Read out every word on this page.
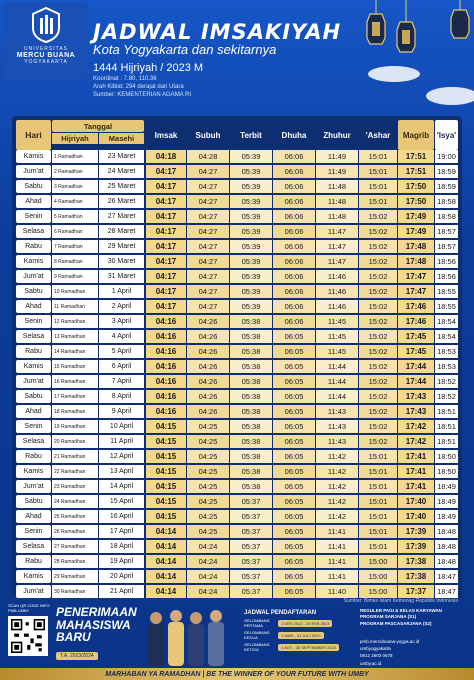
UNIVERSITAS
MERCU BUANA
YOGYAKARTA
JADWAL IMSAKIYAH
Kota Yogyakarta dan sekitarnya
1444 Hijriyah / 2023 M
Koordinat : 7.80, 110.36
Arah Kiblat: 294 derajat dari Utara
Sumber: KEMENTERIAN AGAMA RI
Hari
Tanggal
Hijriyah	Masehi	Imsak	Subuh	Terbit	Dhuha	Zhuhur	'Ashar	Magrib 'Isya'
Kamis	1 Ramadhan	23 Maret	04:18	04:28	05:39	06:06	11:49	15:01	17:51	19:00
Jum'at	2 Ramadhan	24 Maret	04:17	04:27	05:39	06:06	11:49	15:01	17:51	18:59
Sabtu	3 Ramadhan	25 Maret	04:17	04:27	05:39	06:06	11:48	15:01	17:50	18:59
Ahad	4 Ramadhan	26 Maret	04:17	04:27	05:39	06:06	11:48	15:01	17:50	18:58
Senin	5 Ramadhan	27 Maret	04:17	04:27	05:39	06:06	11:48	15:02	17:49	18:58
Selasa	6 Ramadhan	28 Maret	04:17	04:27	05:39	06:06	11:47	15:02	17:49	18:57
Rabu	7 Ramadhan	29 Maret	04:17	04:27	05:39	06:06	11:47	15:02	17:48	18:57
Kamis	8 Ramadhan	30 Maret	04:17	04:27	05:39	06:06	11:47	15:02	17:48	18:56
Jum'at	9 Ramadhan	31 Maret	04:17	04:27	05:39	06:06	11:46	15:02	17:47	18:56
Sabtu	10 Ramadhan	1 April	04:17	04:27	05:39	06:06	11:46	15:02	17:47	18:55
Ahad	11 Ramadhan	2 April	04:17	04:27	05:39	06:06	11:46	15:02	17:46	18:55
Senin	12 Ramadhan	3 April	04:16	04:26	05:38	06:06	11:45	15:02	17:46	18:54
Selasa	13 Ramadhan	4 April	04:16	04:26	05:38	06:05	11:45	15:02	17:45	18:54
Rabu	14 Ramadhan	5 April	04:16	04:26	05:38	06:05	11:45	15:02	17:45	18:53
Kamis	15 Ramadhan	6 April	04:16	04:26	05:38	06:05	11:44	15:02	17:44	18:53
Jum'at	16 Ramadhan	7 April	04:16	04:26	05:38	06:05	11:44	15:02	17:44	18:52
Sabtu	17 Ramadhan	8 April	04:16	04:26	05:38	06:05	11:44	15:02	17:43	18:52
Ahad	18 Ramadhan	9 April	04:16	04:26	05:38	06:05	11:43	15:02	17:43	18:51
Senin	19 Ramadhan	10 April	04:15	04:25	05:38	06:05	11:43	15:02	17:42	18:51
Selasa	20 Ramadhan	11 April	04:15	04:25	05:38	06:05	11:43	15:02	17:42	18:51
Rabu	21 Ramadhan	12 April	04:15	04:25	05:38	06:05	11:42	15:01	17:41	18:50
Kamis	22 Ramadhan	13 April	04:15	04:25	05:38	06:05	11:42	15:01	17:41	18:50
Jum'at	23 Ramadhan	14 April	04:15	04:25	05:38	06:05	11:42	15:01	17:41	18:49
Sabtu	24 Ramadhan	15 April	04:15	04:25	05:37	06:05	11:42	15:01	17:40	18:49
Ahad	25 Ramadhan	16 April	04:15	04:25	05:37	06:05	11:42	15:01	17:40	18:49
Senin	26 Ramadhan	17 April	04:14	04:25	05:37	06:05	11:41	15:01	17:39	18:48
Selasa	27 Ramadhan	18 April	04:14	04:24	05:37	06:05	11:41	15:01	17:39	18:48
Rabu	28 Ramadhan	19 April	04:14	04:24	05:37	06:05	11:41	15:00	17:38	18:48
Kamis	29 Ramadhan	20 April	04:14	04:24	05:37	06:05	11:41	15:00	17:38	18:47
Jum'at	30 Ramadhan	21 April	04:14	04:24	05:37	06:05	11:40	15:00	17:37	18:47
Sumber: Bimas Islam Kemenag Republik Indonesia
SCAN QR CODE INFO PMB UMBY	PENERIMAAN
MAHASISWA
BARU
T.A. 2023/2024
JADWAL PENDAFTARAN
GELOMBANG PERTAMA	1 DES 2022 - 28 FEB 2023
GELOMBANG KEDUA	1 MAR - 31 JULI 2023
GELOMBANG KETIGA	1 AGT - 30 SEPTEMBER 2023
REGULER PAGI & KELAS KARYAWAN
PROGRAM SARJANA (S1)
PROGRAM PASCASARJANA (S2)
pmb.mercubuana-yogya.ac.id
umbyogyakarta
0812 2603 0678
umby.ac.id
MARHABAN YA RAMADHAN | BE THE WINNER OF YOUR FUTURE WITH UMBY
